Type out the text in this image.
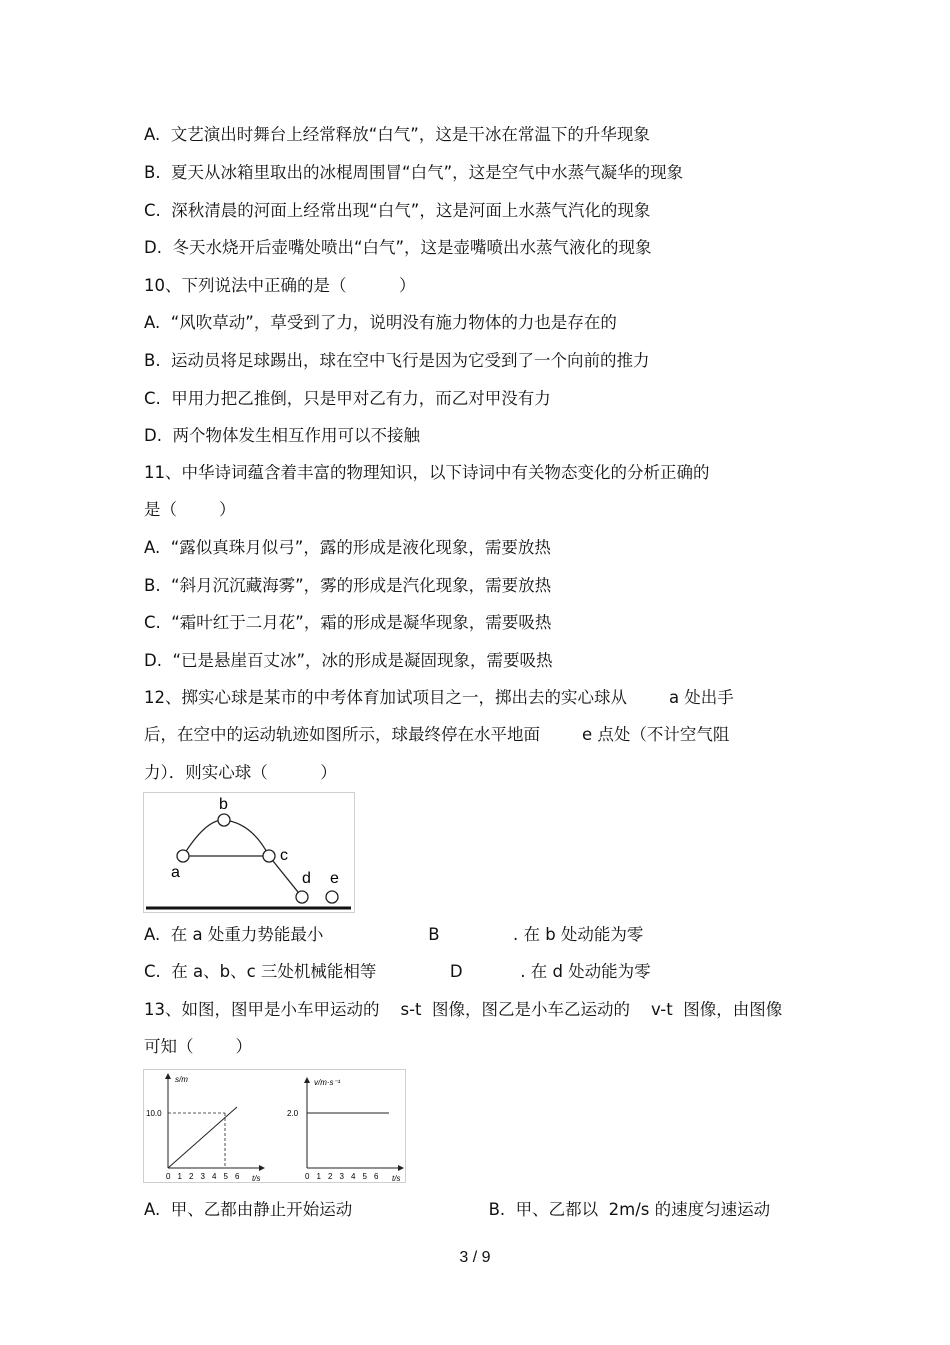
A.  文艺演出时舞台上经常释放“白气”，这是干冰在常温下的升华现象
B.  夏天从冰箱里取出的冰棍周围冒“白气”，这是空气中水蒸气凝华的现象
C.  深秋清晨的河面上经常出现“白气”，这是河面上水蒸气汽化的现象
D.  冬天水烧开后壶嘴处喷出“白气”，这是壶嘴喷出水蒸气液化的现象
10、下列说法中正确的是（          ）
A.  “风吹草动”，草受到了力，说明没有施力物体的力也是存在的
B.  运动员将足球踢出，球在空中飞行是因为它受到了一个向前的推力
C.  甲用力把乙推倒，只是甲对乙有力，而乙对甲没有力
D.  两个物体发生相互作用可以不接触
11、中华诗词蕴含着丰富的物理知识，以下诗词中有关物态变化的分析正确的
是（        ）
A.  “露似真珠月似弓”，露的形成是液化现象，需要放热
B.  “斜月沉沉藏海雾”，雾的形成是汽化现象，需要放热
C.  “霜叶红于二月花”，霜的形成是凝华现象，需要吸热
D.  “已是悬崖百丈冰”，冰的形成是凝固现象，需要吸热
12、掷实心球是某市的中考体育加试项目之一，掷出去的实心球从        a 处出手
后，在空中的运动轨迹如图所示，球最终停在水平地面        e 点处（不计空气阻
力）．则实心球（          ）
A.  在 a 处重力势能最小                    B              . 在 b 处动能为零
C.  在 a、b、c 三处机械能相等              D           . 在 d 处动能为零
13、如图，图甲是小车甲运动的    s-t  图像，图乙是小车乙运动的    v-t  图像，由图像
可知（        ）
A.  甲、乙都由静止开始运动                          B.  甲、乙都以  2m/s 的速度匀速运动
a
b
c
d e
s/m
10.0
t/s
0 1 2 3 4 5 6
v/m·s⁻¹
2.0
t/s
0 1 2 3 4 5 6
3 / 9
